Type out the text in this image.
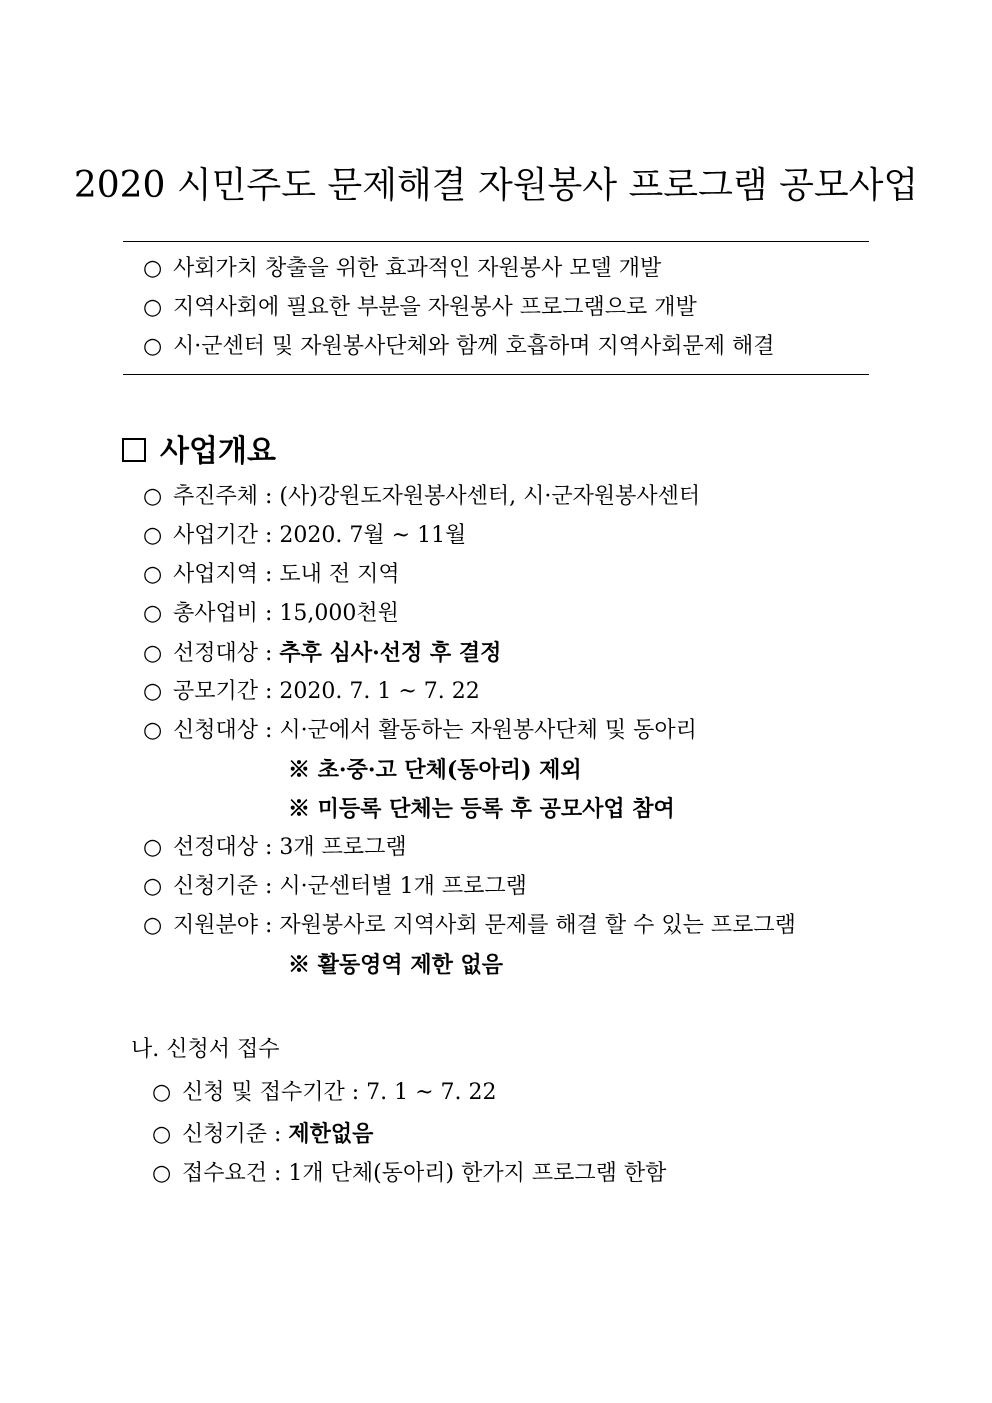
2020 시민주도 문제해결 자원봉사 프로그램 공모사업
○ 사회가치 창출을 위한 효과적인 자원봉사 모델 개발
○ 지역사회에 필요한 부분을 자원봉사 프로그램으로 개발
○ 시·군센터 및 자원봉사단체와 함께 호흡하며 지역사회문제 해결
사업개요
○ 추진주체 : (사)강원도자원봉사센터, 시·군자원봉사센터
○ 사업기간 : 2020. 7월 ~ 11월
○ 사업지역 : 도내 전 지역
○ 총사업비 : 15,000천원
○ 선정대상 : 추후 심사·선정 후 결정
○ 공모기간 : 2020. 7. 1 ~ 7. 22
○ 신청대상 : 시·군에서 활동하는 자원봉사단체 및 동아리
※ 초·중·고 단체(동아리) 제외
※ 미등록 단체는 등록 후 공모사업 참여
○ 선정대상 : 3개 프로그램
○ 신청기준 : 시·군센터별 1개 프로그램
○ 지원분야 : 자원봉사로 지역사회 문제를 해결 할 수 있는 프로그램
※ 활동영역 제한 없음
나. 신청서 접수
○ 신청 및 접수기간 : 7. 1 ~ 7. 22
○ 신청기준 : 제한없음
○ 접수요건 : 1개 단체(동아리) 한가지 프로그램 한함
